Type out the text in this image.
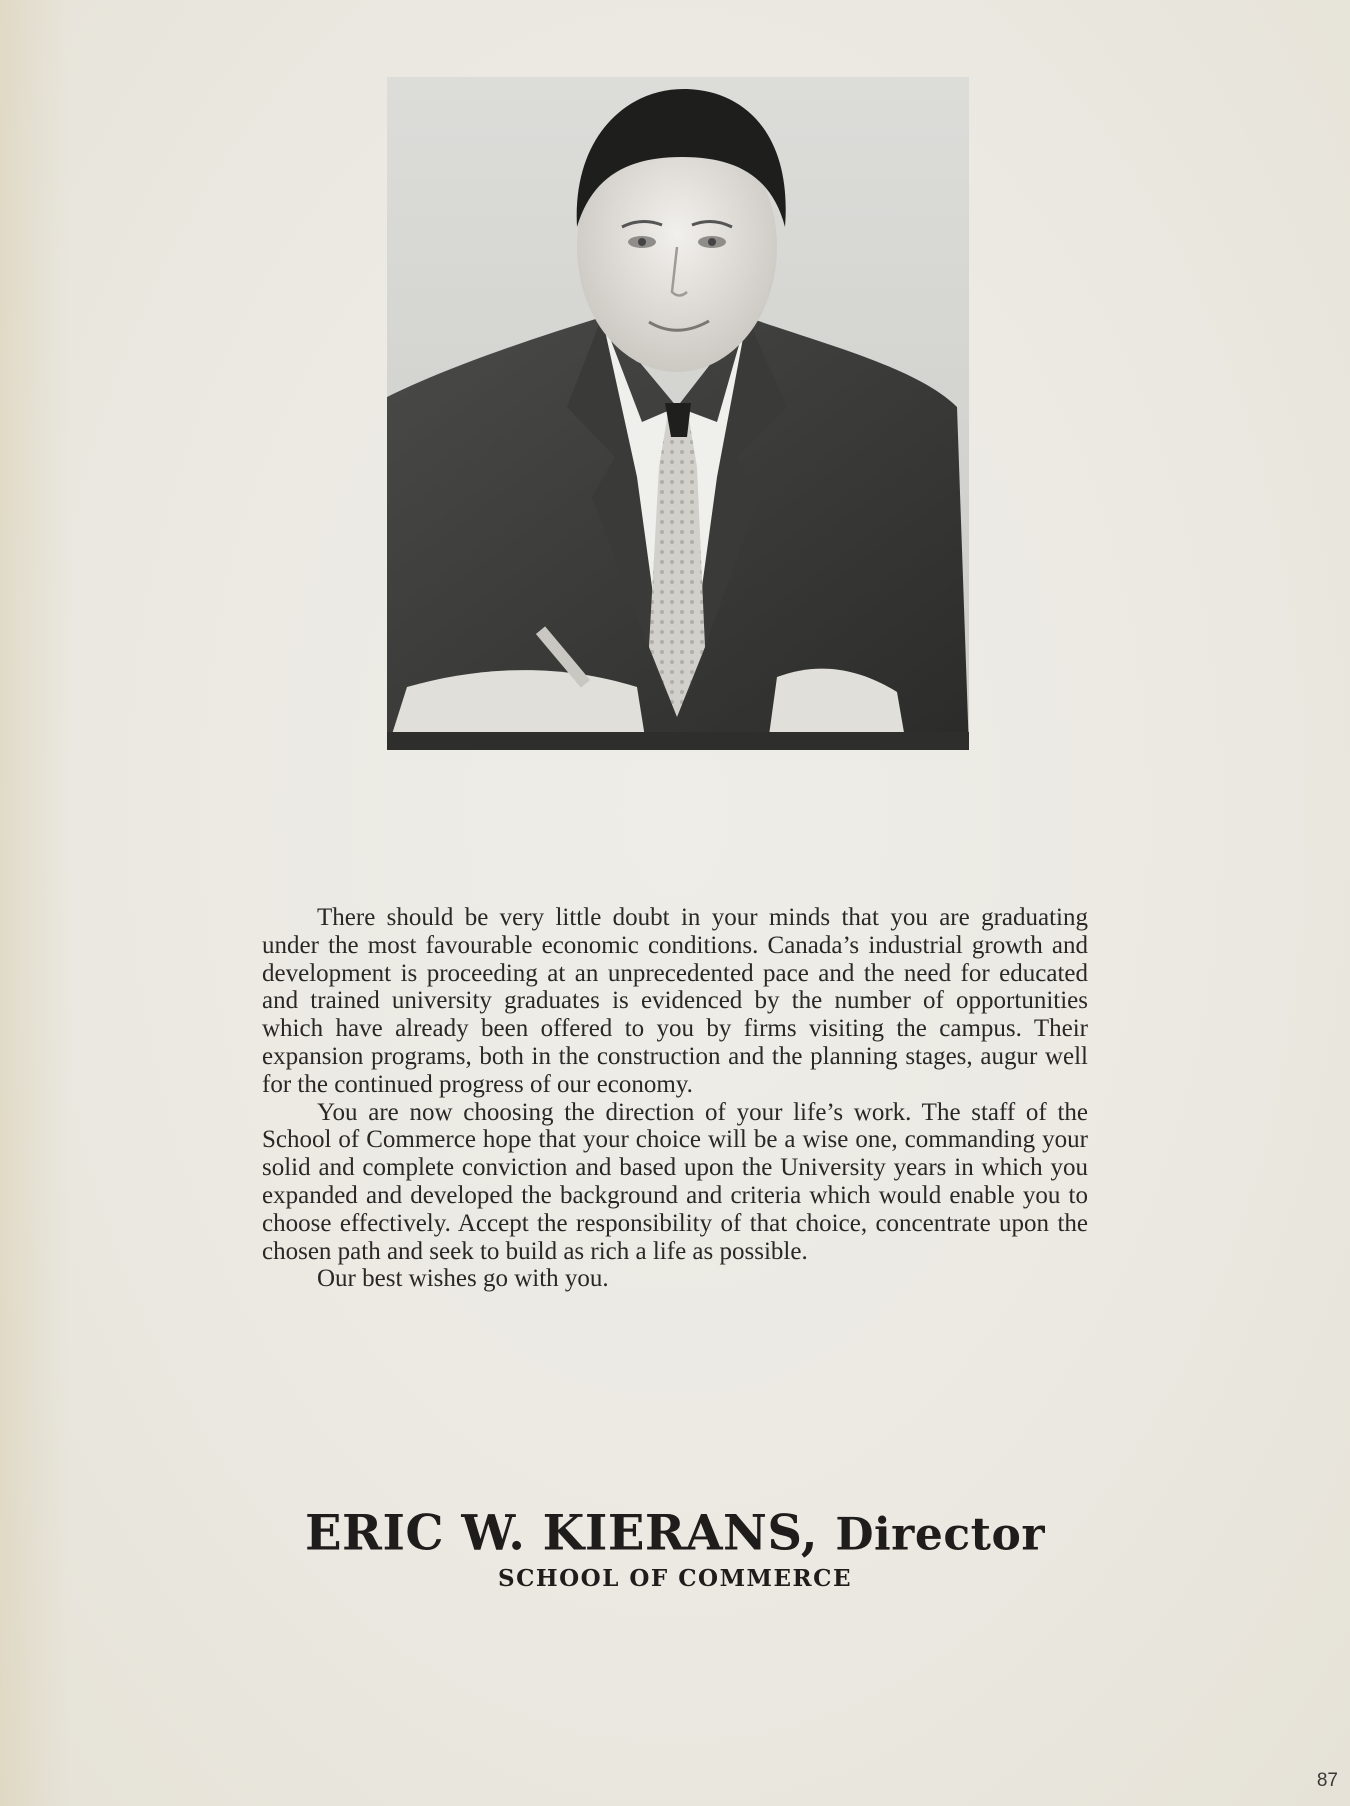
There should be very little doubt in your minds that you are graduating under the most favourable economic conditions. Canada’s industrial growth and development is proceeding at an unprecedented pace and the need for educated and trained university graduates is evidenced by the number of opportunities which have already been offered to you by firms visiting the campus. Their expansion programs, both in the construction and the planning stages, augur well for the continued progress of our economy.

You are now choosing the direction of your life’s work. The staff of the School of Commerce hope that your choice will be a wise one, commanding your solid and complete conviction and based upon the University years in which you expanded and developed the background and criteria which would enable you to choose effectively. Accept the responsibility of that choice, concentrate upon the chosen path and seek to build as rich a life as possible.

Our best wishes go with you.

ERIC W. KIERANS, Director
SCHOOL OF COMMERCE
87
